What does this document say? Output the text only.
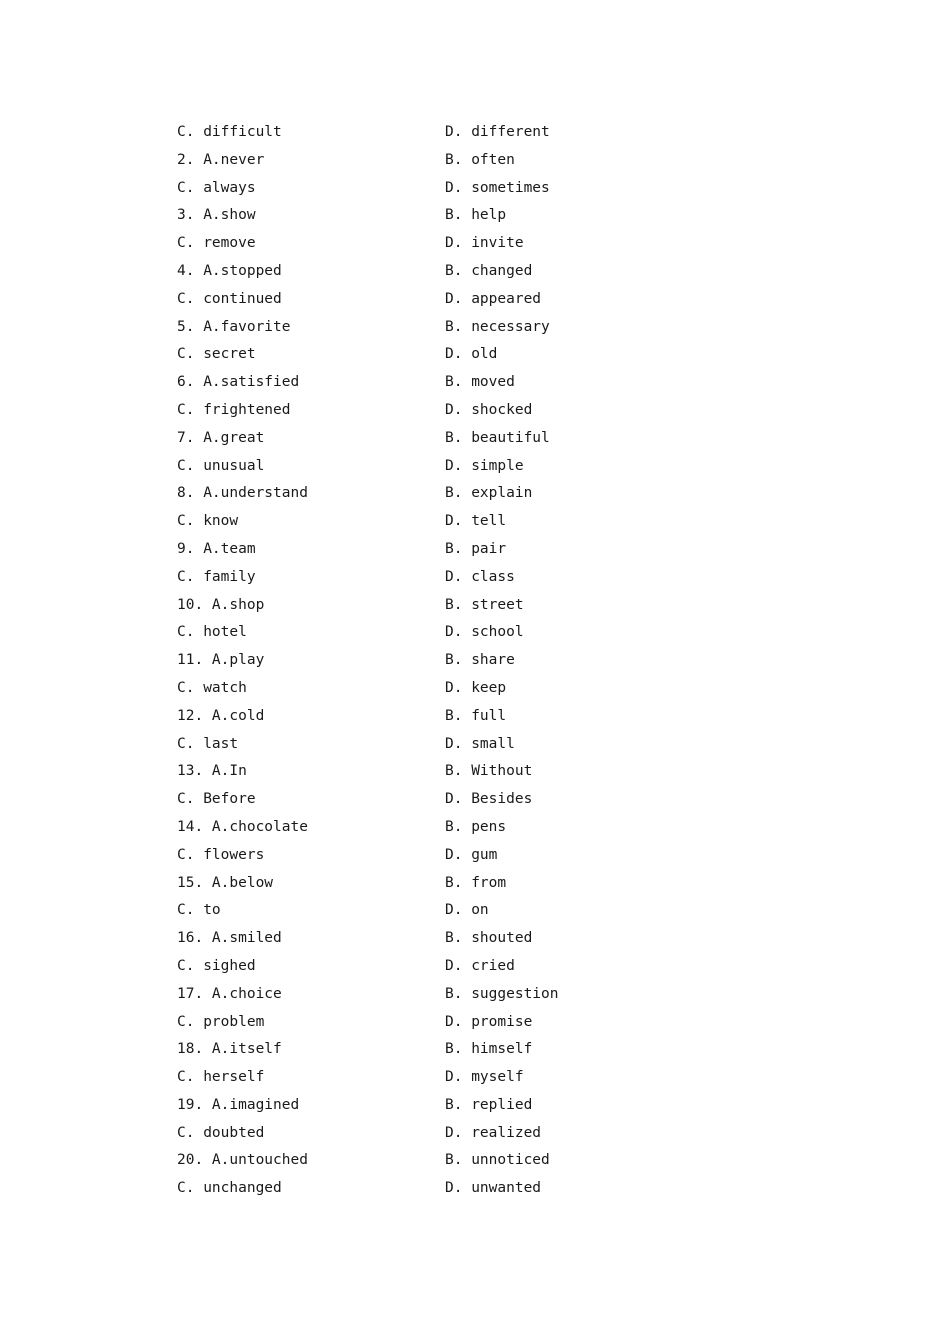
C. difficult	D. different
2. A.never	B. often
C. always	D. sometimes
3. A.show	B. help
C. remove	D. invite
4. A.stopped	B. changed
C. continued	D. appeared
5. A.favorite	B. necessary
C. secret	D. old
6. A.satisfied	B. moved
C. frightened	D. shocked
7. A.great	B. beautiful
C. unusual	D. simple
8. A.understand	B. explain
C. know	D. tell
9. A.team	B. pair
C. family	D. class
10. A.shop	B. street
C. hotel	D. school
11. A.play	B. share
C. watch	D. keep
12. A.cold	B. full
C. last	D. small
13. A.In	B. Without
C. Before	D. Besides
14. A.chocolate	B. pens
C. flowers	D. gum
15. A.below	B. from
C. to	D. on
16. A.smiled	B. shouted
C. sighed	D. cried
17. A.choice	B. suggestion
C. problem	D. promise
18. A.itself	B. himself
C. herself	D. myself
19. A.imagined	B. replied
C. doubted	D. realized
20. A.untouched	B. unnoticed
C. unchanged	D. unwanted
